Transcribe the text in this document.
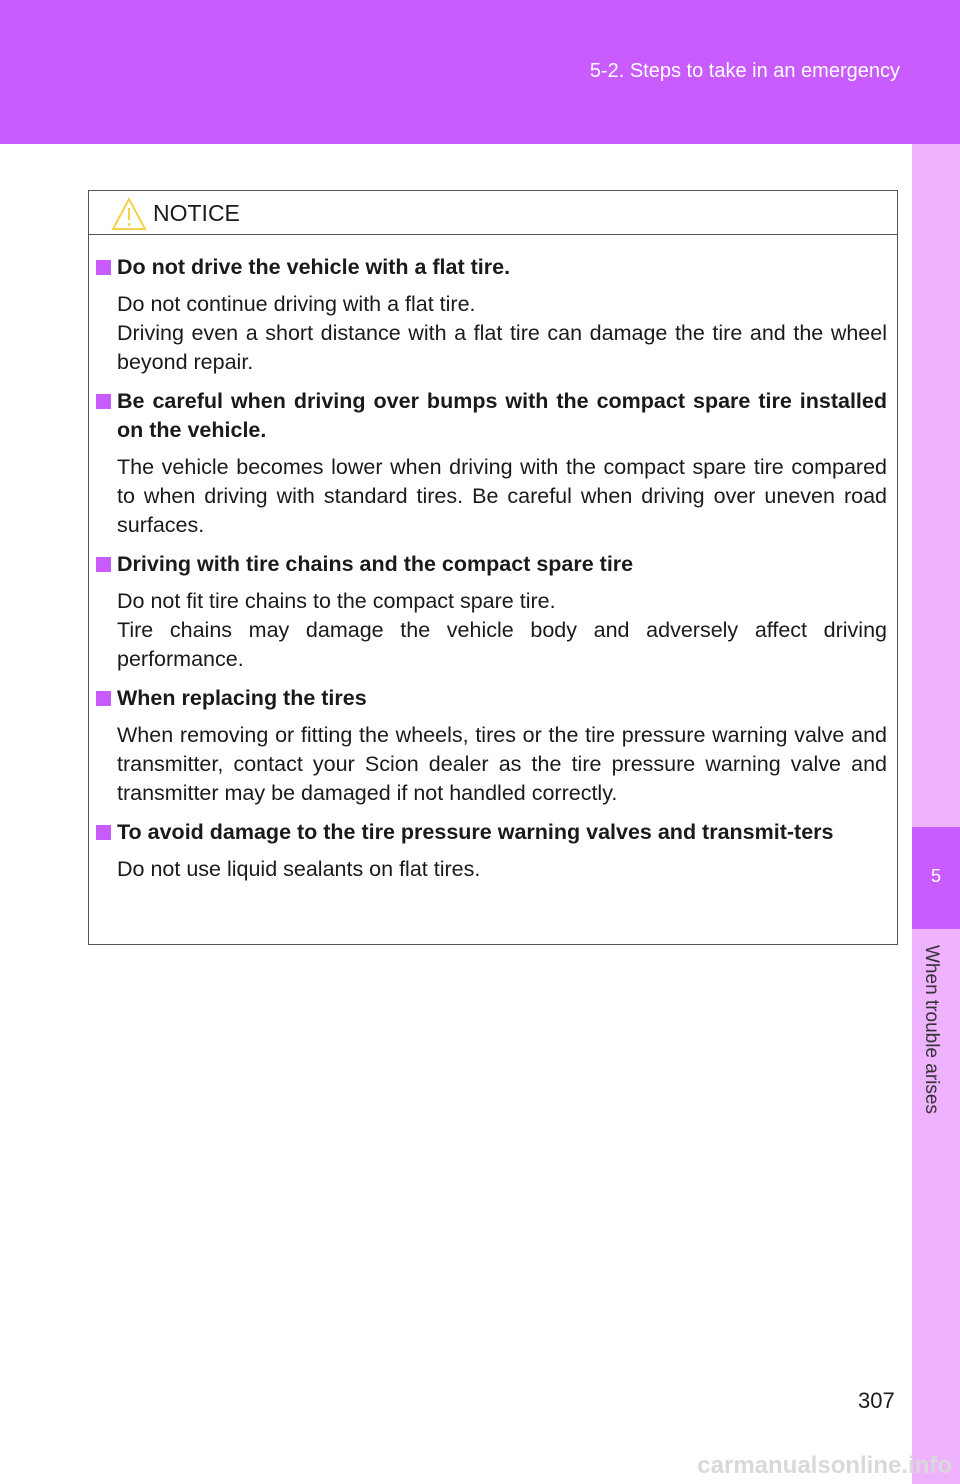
5-2. Steps to take in an emergency
5
When trouble arises
NOTICE
Do not drive the vehicle with a flat tire.
Do not continue driving with a flat tire.
Driving even a short distance with a flat tire can damage the tire and the wheel beyond repair.
Be careful when driving over bumps with the compact spare tire installed on the vehicle.
The vehicle becomes lower when driving with the compact spare tire compared to when driving with standard tires. Be careful when driving over uneven road surfaces.
Driving with tire chains and the compact spare tire
Do not fit tire chains to the compact spare tire.
Tire chains may damage the vehicle body and adversely affect driving performance.
When replacing the tires
When removing or fitting the wheels, tires or the tire pressure warning valve and transmitter, contact your Scion dealer as the tire pressure warning valve and transmitter may be damaged if not handled correctly.
To avoid damage to the tire pressure warning valves and transmit-ters
Do not use liquid sealants on flat tires.
307
carmanualsonline.info
